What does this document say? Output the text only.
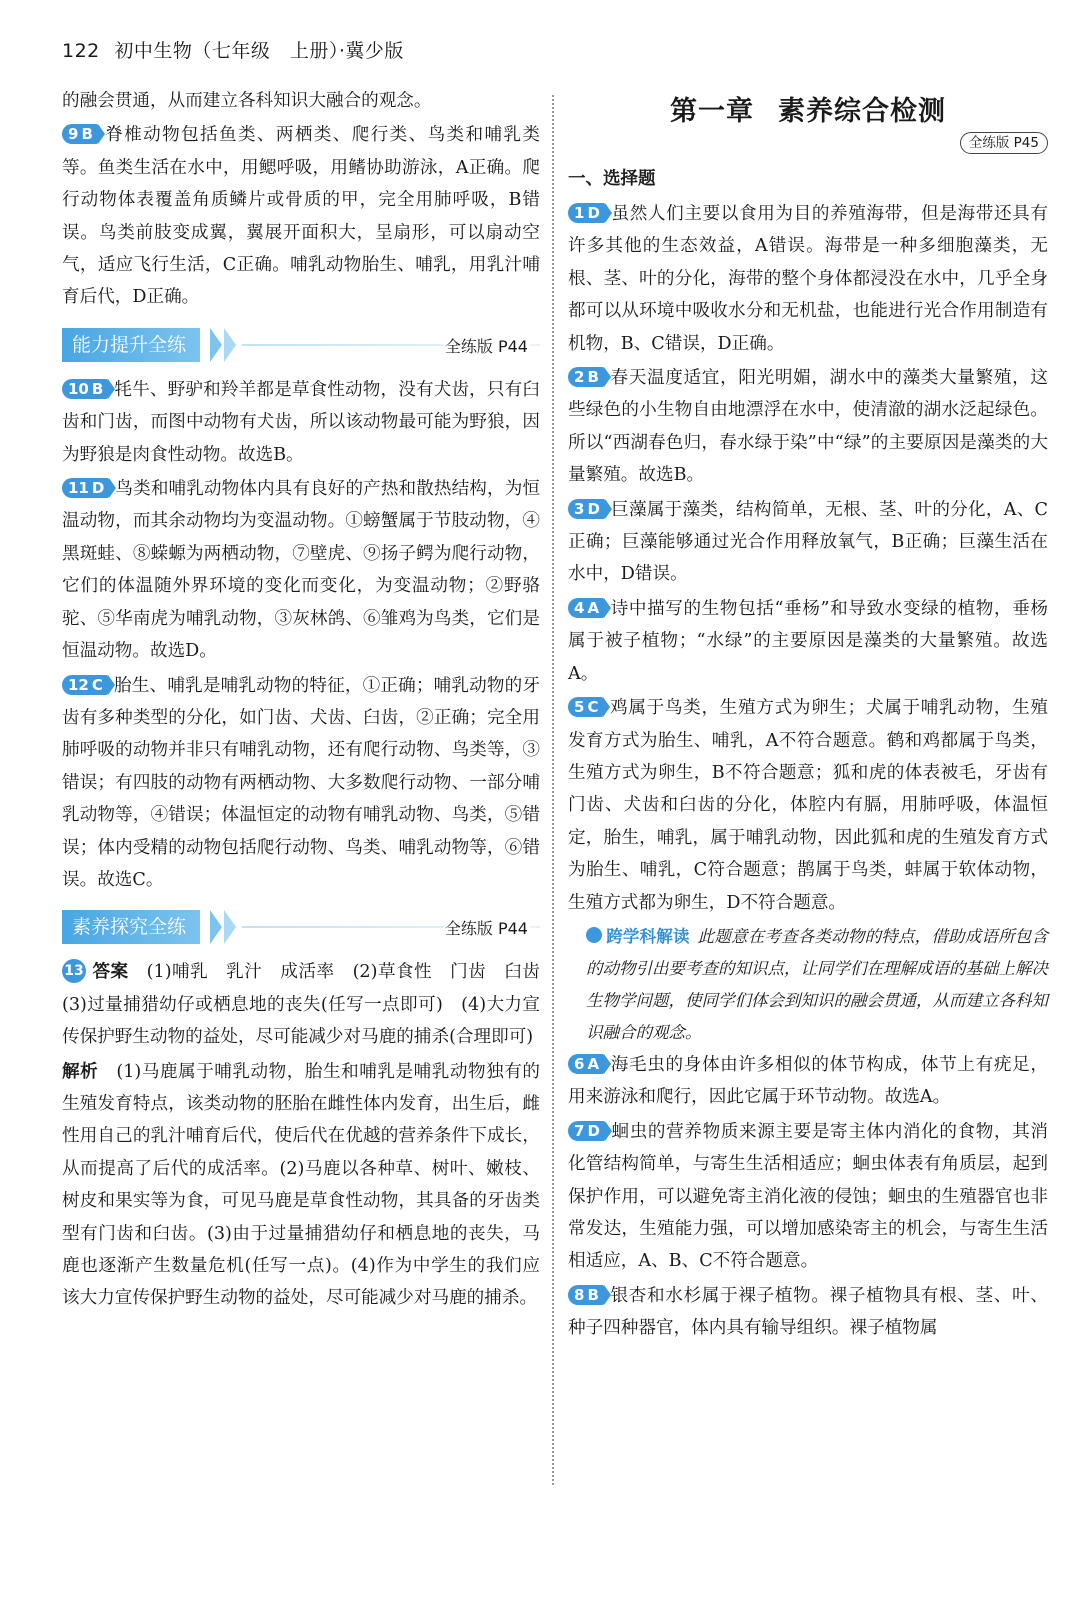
122 初中生物（七年级　上册）·冀少版
的融会贯通，从而建立各科知识大融合的观念。
9 B 脊椎动物包括鱼类、两栖类、爬行类、鸟类和哺乳类等。鱼类生活在水中，用鳃呼吸，用鳍协助游泳，A正确。爬行动物体表覆盖角质鳞片或骨质的甲，完全用肺呼吸，B错误。鸟类前肢变成翼，翼展开面积大，呈扇形，可以扇动空气，适应飞行生活，C正确。哺乳动物胎生、哺乳，用乳汁哺育后代，D正确。
能力提升全练	全练版 P44
10 B 牦牛、野驴和羚羊都是草食性动物，没有犬齿，只有臼齿和门齿，而图中动物有犬齿，所以该动物最可能为野狼，因为野狼是肉食性动物。故选B。
11 D 鸟类和哺乳动物体内具有良好的产热和散热结构，为恒温动物，而其余动物均为变温动物。①螃蟹属于节肢动物，④黑斑蛙、⑧蝾螈为两栖动物，⑦壁虎、⑨扬子鳄为爬行动物，它们的体温随外界环境的变化而变化，为变温动物；②野骆驼、⑤华南虎为哺乳动物，③灰林鸽、⑥雏鸡为鸟类，它们是恒温动物。故选D。
12 C 胎生、哺乳是哺乳动物的特征，①正确；哺乳动物的牙齿有多种类型的分化，如门齿、犬齿、臼齿，②正确；完全用肺呼吸的动物并非只有哺乳动物，还有爬行动物、鸟类等，③错误；有四肢的动物有两栖动物、大多数爬行动物、一部分哺乳动物等，④错误；体温恒定的动物有哺乳动物、鸟类，⑤错误；体内受精的动物包括爬行动物、鸟类、哺乳动物等，⑥错误。故选C。
素养探究全练	全练版 P44
13 答案　 (1)哺乳　乳汁　成活率　(2)草食性　门齿　臼齿　(3)过量捕猎幼仔或栖息地的丧失(任写一点即可)　(4)大力宣传保护野生动物的益处，尽可能减少对马鹿的捕杀(合理即可)
解析　 (1)马鹿属于哺乳动物，胎生和哺乳是哺乳动物独有的生殖发育特点，该类动物的胚胎在雌性体内发育，出生后，雌性用自己的乳汁哺育后代，使后代在优越的营养条件下成长，从而提高了后代的成活率。(2)马鹿以各种草、树叶、嫩枝、树皮和果实等为食，可见马鹿是草食性动物，其具备的牙齿类型有门齿和臼齿。(3)由于过量捕猎幼仔和栖息地的丧失，马鹿也逐渐产生数量危机(任写一点)。(4)作为中学生的我们应该大力宣传保护野生动物的益处，尽可能减少对马鹿的捕杀。
第一章 素养综合检测
全练版 P45
一、选择题
1 D 虽然人们主要以食用为目的养殖海带，但是海带还具有许多其他的生态效益，A错误。海带是一种多细胞藻类，无根、茎、叶的分化，海带的整个身体都浸没在水中，几乎全身都可以从环境中吸收水分和无机盐，也能进行光合作用制造有机物，B、C错误，D正确。
2 B 春天温度适宜，阳光明媚，湖水中的藻类大量繁殖，这些绿色的小生物自由地漂浮在水中，使清澈的湖水泛起绿色。所以“西湖春色归，春水绿于染”中“绿”的主要原因是藻类的大量繁殖。故选B。
3 D 巨藻属于藻类，结构简单，无根、茎、叶的分化，A、C正确；巨藻能够通过光合作用释放氧气，B正确；巨藻生活在水中，D错误。
4 A 诗中描写的生物包括“垂杨”和导致水变绿的植物，垂杨属于被子植物；“水绿”的主要原因是藻类的大量繁殖。故选A。
5 C 鸡属于鸟类，生殖方式为卵生；犬属于哺乳动物，生殖发育方式为胎生、哺乳，A不符合题意。鹤和鸡都属于鸟类，生殖方式为卵生，B不符合题意；狐和虎的体表被毛，牙齿有门齿、犬齿和臼齿的分化，体腔内有膈，用肺呼吸，体温恒定，胎生，哺乳，属于哺乳动物，因此狐和虎的生殖发育方式为胎生、哺乳，C符合题意；鹊属于鸟类，蚌属于软体动物，生殖方式都为卵生，D不符合题意。
跨学科解读 此题意在考查各类动物的特点，借助成语所包含的动物引出要考查的知识点，让同学们在理解成语的基础上解决生物学问题，使同学们体会到知识的融会贯通，从而建立各科知识融合的观念。
6 A 海毛虫的身体由许多相似的体节构成，体节上有疣足，用来游泳和爬行，因此它属于环节动物。故选A。
7 D 蛔虫的营养物质来源主要是寄主体内消化的食物，其消化管结构简单，与寄生生活相适应；蛔虫体表有角质层，起到保护作用，可以避免寄主消化液的侵蚀；蛔虫的生殖器官也非常发达，生殖能力强，可以增加感染寄主的机会，与寄生生活相适应，A、B、C不符合题意。
8 B 银杏和水杉属于裸子植物。裸子植物具有根、茎、叶、种子四种器官，体内具有输导组织。裸子植物属
